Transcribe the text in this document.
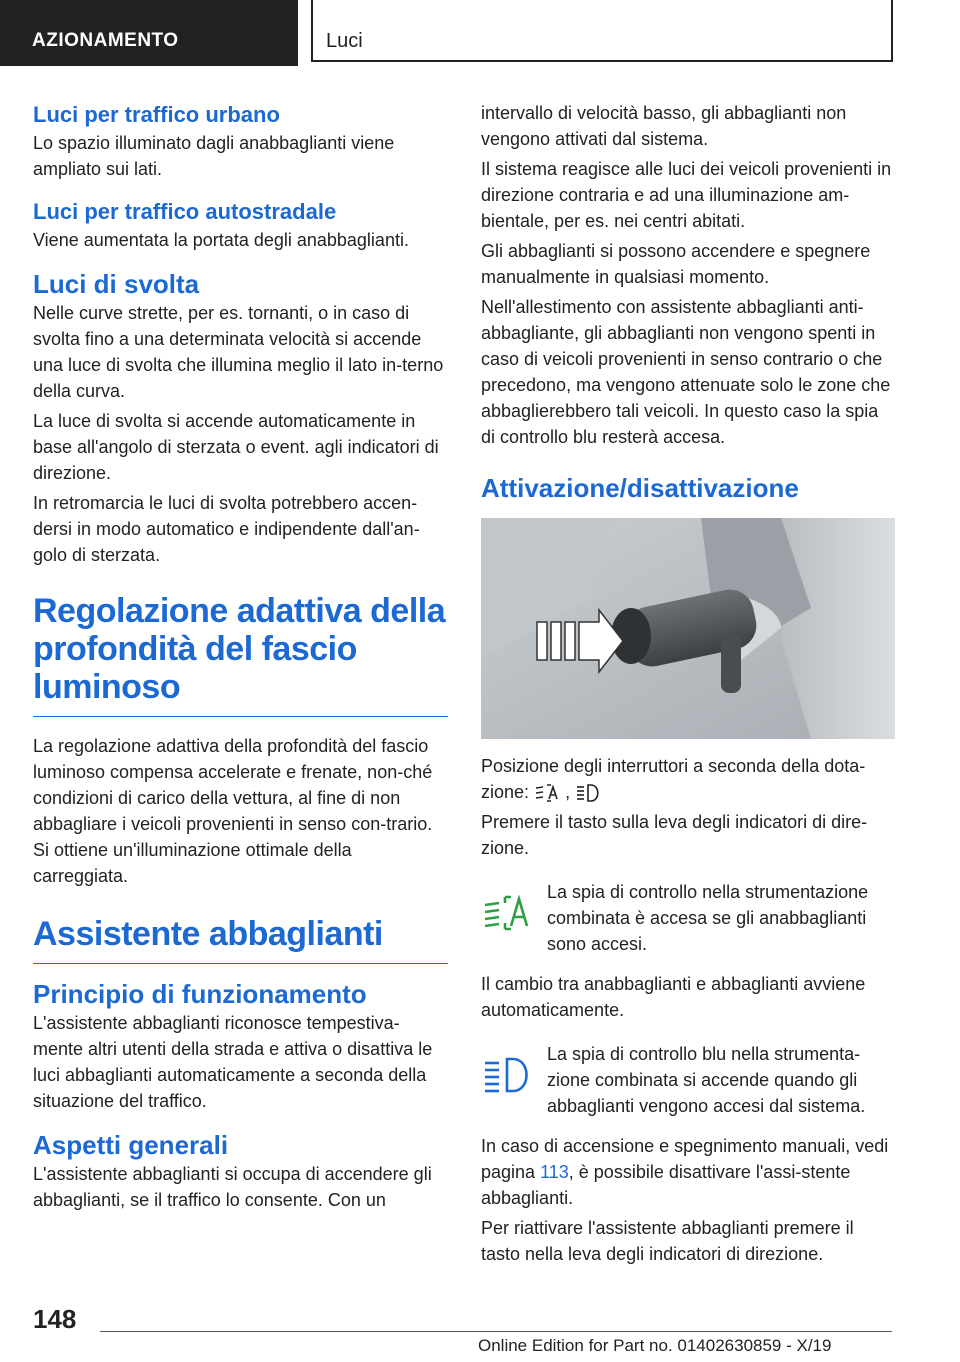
AZIONAMENTO	Luci
Luci per traffico urbano

Lo spazio illuminato dagli anabbaglianti viene ampliato sui lati.

Luci per traffico autostradale

Viene aumentata la portata degli anabbaglianti.

Luci di svolta

Nelle curve strette, per es. tornanti, o in caso di svolta fino a una determinata velocità si accende una luce di svolta che illumina meglio il lato in-terno della curva.

La luce di svolta si accende automaticamente in base all'angolo di sterzata o event. agli indicatori di direzione.

In retromarcia le luci di svolta potrebbero accen-dersi in modo automatico e indipendente dall'an-golo di sterzata.

Regolazione adattiva della profondità del fascio luminoso

La regolazione adattiva della profondità del fascio luminoso compensa accelerate e frenate, non-ché condizioni di carico della vettura, al fine di non abbagliare i veicoli provenienti in senso con-trario. Si ottiene un'illuminazione ottimale della carreggiata.

Assistente abbaglianti
Principio di funzionamento

L'assistente abbaglianti riconosce tempestiva-mente altri utenti della strada e attiva o disattiva le luci abbaglianti automaticamente a seconda della situazione del traffico.

Aspetti generali

L'assistente abbaglianti si occupa di accendere gli abbaglianti, se il traffico lo consente. Con un

intervallo di velocità basso, gli abbaglianti non vengono attivati dal sistema.

Il sistema reagisce alle luci dei veicoli provenienti in direzione contraria e ad una illuminazione am-bientale, per es. nei centri abitati.

Gli abbaglianti si possono accendere e spegnere manualmente in qualsiasi momento.

Nell'allestimento con assistente abbaglianti anti-abbagliante, gli abbaglianti non vengono spenti in caso di veicoli provenienti in senso contrario o che precedono, ma vengono attenuate solo le zone che abbaglierebbero tali veicoli. In questo caso la spia di controllo blu resterà accesa.

Attivazione/disattivazione

Posizione degli interruttori a seconda della dota-zione: ,

Premere il tasto sulla leva degli indicatori di dire-zione.

La spia di controllo nella strumentazione combinata è accesa se gli anabbaglianti sono accesi.

Il cambio tra anabbaglianti e abbaglianti avviene automaticamente.

La spia di controllo blu nella strumenta-zione combinata si accende quando gli abbaglianti vengono accesi dal sistema.

In caso di accensione e spegnimento manuali, vedi pagina 113, è possibile disattivare l'assi-stente abbaglianti.

Per riattivare l'assistente abbaglianti premere il tasto nella leva degli indicatori di direzione.

148
Online Edition for Part no. 01402630859 - X/19
